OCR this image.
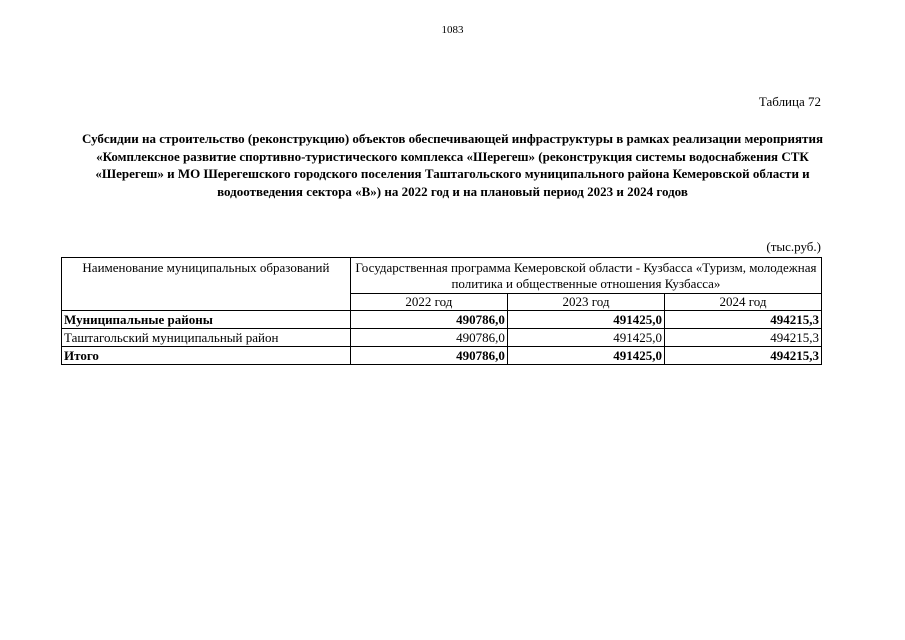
1083
Таблица 72
Субсидии на строительство (реконструкцию) объектов обеспечивающей инфраструктуры в рамках реализации мероприятия «Комплексное развитие спортивно-туристического комплекса «Шерегеш» (реконструкция системы водоснабжения СТК «Шерегеш» и МО Шерегешского городского поселения Таштагольского муниципального района Кемеровской области и водоотведения сектора «В») на 2022 год и на плановый период 2023 и 2024 годов
(тыс.руб.)
Наименование муниципальных образований	Государственная программа Кемеровской области - Кузбасса «Туризм, молодежная политика и общественные отношения Кузбасса»		
	2022 год	2023 год	2024 год
Муниципальные районы	490786,0	491425,0	494215,3
Таштагольский муниципальный район	490786,0	491425,0	494215,3
Итого	490786,0	491425,0	494215,3
